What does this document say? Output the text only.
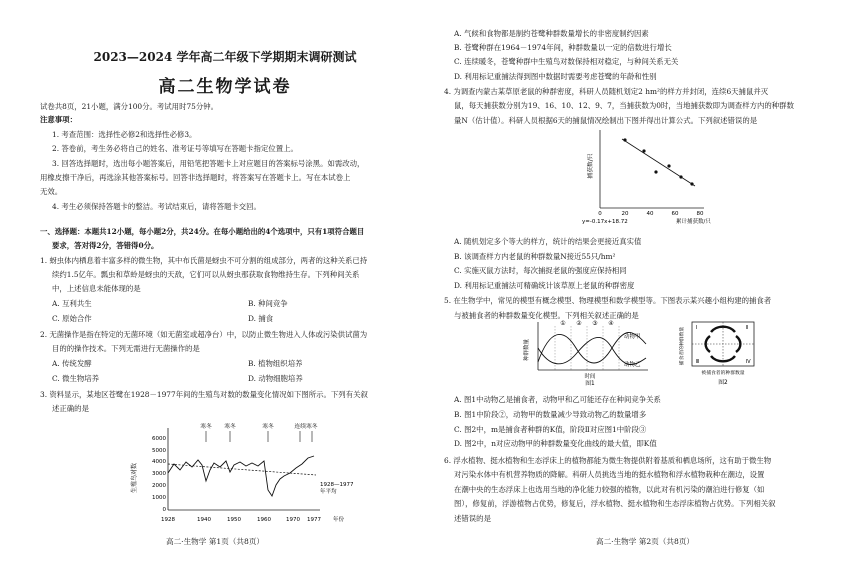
2023—2024 学年高二年级下学期期末调研测试
高二生物学试卷
试卷共8页，21小题，满分100分。考试用时75分钟。
注意事项：
1. 考查范围：选择性必修2和选择性必修3。
2. 答卷前，考生务必将自己的姓名、准考证号等填写在答题卡指定位置上。
3. 回答选择题时，选出每小题答案后，用铅笔把答题卡上对应题目的答案标号涂黑。如需改动，
用橡皮擦干净后，再选涂其他答案标号。回答非选择题时，将答案写在答题卡上。写在本试卷上
无效。
4. 考生必须保持答题卡的整洁。考试结束后，请将答题卡交回。
一、选择题：本题共12小题，每小题2分，共24分。在每小题给出的4个选项中，只有1项符合题目
要求，答对得2分，答错得0分。
1. 蚜虫体内栖息着丰富多样的微生物，其中布氏菌是蚜虫不可分割的组成部分，两者的这种关系已持
续约1.5亿年。瓢虫和草蛉是蚜虫的天敌，它们可以从蚜虫那获取食物维持生存。下列种间关系
中，上述信息未能体现的是
A. 互利共生	B. 种间竞争
C. 原始合作	D. 捕食
2. 无菌操作是指在特定的无菌环境（如无菌室或超净台）中，以防止微生物进入人体或污染供试菌为
目的的操作技术。下列无需进行无菌操作的是
A. 传统发酵	B. 植物组织培养
C. 微生物培养	D. 动物细胞培养
3. 资料显示，某地区苍鹭在1928－1977年间的生殖鸟对数的数量变化情况如下图所示。下列有关叙
述正确的是
生殖鸟对数
6000
5000
4000
3000
2000
1000
0
1928	1940	1950	1960	1970 1977 年份
寒冬 寒冬	寒冬	连续寒冬
1928—1977 年平均
高二·生物学 第1页（共8页）
A. 气候和食物都是制约苍鹭种群数量增长的非密度制约因素
B. 苍鹭种群在1964－1974年间，种群数量以一定的倍数进行增长
C. 连续暖冬，苍鹭种群中生殖鸟对数保持相对稳定，与种间关系无关
D. 利用标记重捕法得到图中数据时需要考虑苍鹭的年龄和性别
4. 为调查内蒙古某草原老鼠的种群密度，科研人员随机划定2 hm²的样方并封闭，连续6天捕鼠并灭
鼠，每天捕获数分别为19、16、10、12、9、7，当捕获数为0时，当地捕获数即为调查样方内的种群数
量N（估计值）。科研人员根据6天的捕鼠情况绘制出下图并得出计算公式。下列叙述错误的是
捕获数/只
0	20	40	60	80
y=-0.17x+18.72	累计捕获数/只
A. 随机划定多个等大的样方，统计的结果会更接近真实值
B. 该调查样方内老鼠的种群数量N接近55只/hm²
C. 实施灭鼠方法时，每次捕捉老鼠的强度应保持相同
D. 利用标记重捕法可精确统计该草原上老鼠的种群密度
5. 在生物学中，常见的模型有概念模型、物理模型和数学模型等。下图表示某兴趣小组构建的捕食者
与被捕食者的种群数量变化模型。下列相关叙述正确的是
种群数量
① ② ③ ④
动物甲
动物乙
时间
图1
捕食者的种群数量 Ⅰ	Ⅱ
Ⅲ	Ⅳ
被捕食者的种群数量
图2
A. 图1中动物乙是捕食者，动物甲和乙可能还存在种间竞争关系
B. 图1中阶段②，动物甲的数量减少导致动物乙的数量增多
C. 图2中，m是捕食者种群的K值，阶段Ⅱ对应图1中阶段③
D. 图2中，n对应动物甲的种群数量变化曲线的最大值，即K值
6. 浮水植物、挺水植物和生态浮床上的植物都能为微生物提供附着基质和栖息场所，这有助于微生物
对污染水体中有机营养物质的降解。科研人员挑选当地的挺水植物和浮水植物栽种在潮边，设置
在潮中央的生态浮床上也选用当地的净化能力较强的植物，以此对有机污染的潮泊进行修复（如
图），修复前，浮游植物占优势，修复后，浮水植物、挺水植物和生态浮床植物占优势。下列相关叙
述错误的是
高二·生物学 第2页（共8页）
